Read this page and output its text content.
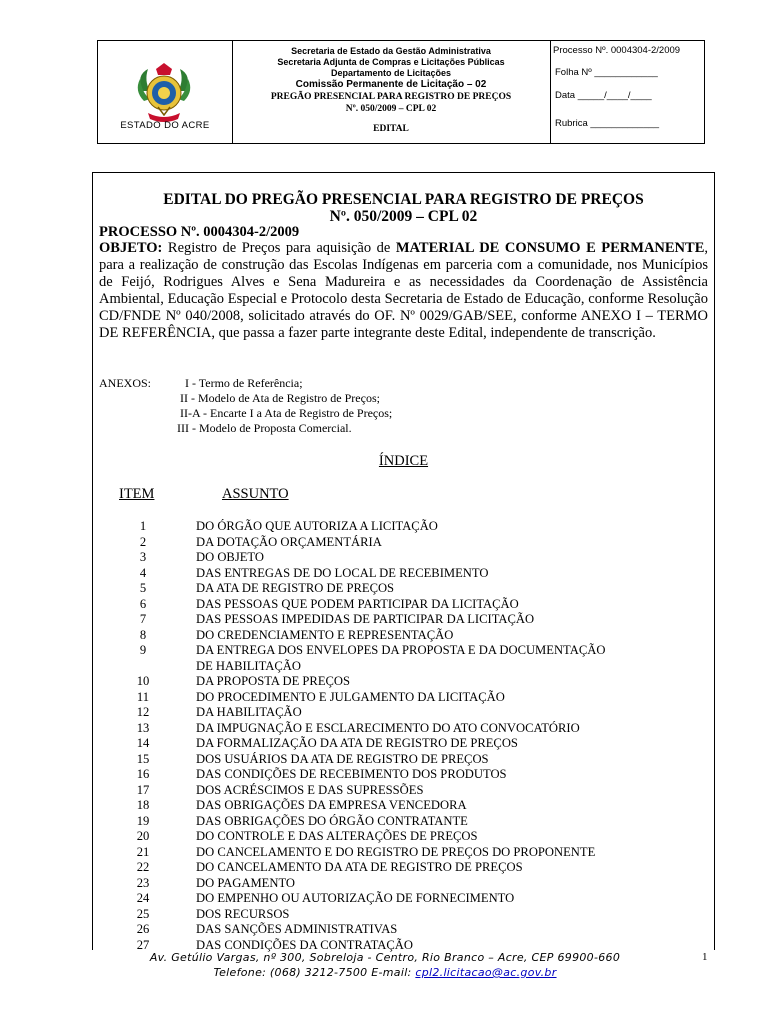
ESTADO DO ACRE
Secretaria de Estado da Gestão Administrativa
Secretaria Adjunta de Compras e Licitações Públicas
Departamento de Licitações
Comissão Permanente de Licitação – 02
PREGÃO PRESENCIAL PARA REGISTRO DE PREÇOS
Nº. 050/2009 – CPL 02
EDITAL
Processo Nº. 0004304-2/2009
Folha Nº ____________
Data _____/____/____
Rubrica _____________
EDITAL DO PREGÃO PRESENCIAL PARA REGISTRO DE PREÇOS
Nº. 050/2009 – CPL 02
PROCESSO Nº. 0004304-2/2009
OBJETO: Registro de Preços para aquisição de MATERIAL DE CONSUMO E PERMANENTE, para a realização de construção das Escolas Indígenas em parceria com a comunidade, nos Municípios de Feijó, Rodrigues Alves e Sena Madureira e as necessidades da Coordenação de Assistência Ambiental, Educação Especial e Protocolo desta Secretaria de Estado de Educação, conforme Resolução CD/FNDE Nº 040/2008, solicitado através do OF. Nº 0029/GAB/SEE, conforme ANEXO I – TERMO DE REFERÊNCIA, que passa a fazer parte integrante deste Edital, independente de transcrição.
ANEXOS:	I - Termo de Referência;
II - Modelo de Ata de Registro de Preços;
II-A - Encarte I a Ata de Registro de Preços;
III - Modelo de Proposta Comercial.
ÍNDICE
ITEM	ASSUNTO
1	DO ÓRGÃO QUE AUTORIZA A LICITAÇÃO
2	DA DOTAÇÃO ORÇAMENTÁRIA
3	DO OBJETO
4	DAS ENTREGAS DE DO LOCAL DE RECEBIMENTO
5	DA ATA DE REGISTRO DE PREÇOS
6	DAS PESSOAS QUE PODEM PARTICIPAR DA LICITAÇÃO
7	DAS PESSOAS IMPEDIDAS DE PARTICIPAR DA LICITAÇÃO
8	DO CREDENCIAMENTO E REPRESENTAÇÃO
9	DA ENTREGA DOS ENVELOPES DA PROPOSTA E DA DOCUMENTAÇÃO
DE HABILITAÇÃO
10	DA PROPOSTA DE PREÇOS
11	DO PROCEDIMENTO E JULGAMENTO DA LICITAÇÃO
12	DA HABILITAÇÃO
13	DA IMPUGNAÇÃO E ESCLARECIMENTO DO ATO CONVOCATÓRIO
14	DA FORMALIZAÇÃO DA ATA DE REGISTRO DE PREÇOS
15	DOS USUÁRIOS DA ATA DE REGISTRO DE PREÇOS
16	DAS CONDIÇÕES DE RECEBIMENTO DOS PRODUTOS
17	DOS ACRÉSCIMOS E DAS SUPRESSÕES
18	DAS OBRIGAÇÕES DA EMPRESA VENCEDORA
19	DAS OBRIGAÇÕES DO ÓRGÃO CONTRATANTE
20	DO CONTROLE E DAS ALTERAÇÕES DE PREÇOS
21	DO CANCELAMENTO E DO REGISTRO DE PREÇOS DO PROPONENTE
22	DO CANCELAMENTO DA ATA DE REGISTRO DE PREÇOS
23	DO PAGAMENTO
24	DO EMPENHO OU AUTORIZAÇÃO DE FORNECIMENTO
25	DOS RECURSOS
26	DAS SANÇÕES ADMINISTRATIVAS
27	DAS CONDIÇÕES DA CONTRATAÇÃO
Av. Getúlio Vargas, nº 300, Sobreloja - Centro, Rio Branco – Acre, CEP 69900-660
Telefone: (068) 3212-7500 E-mail: cpl2.licitacao@ac.gov.br
1
